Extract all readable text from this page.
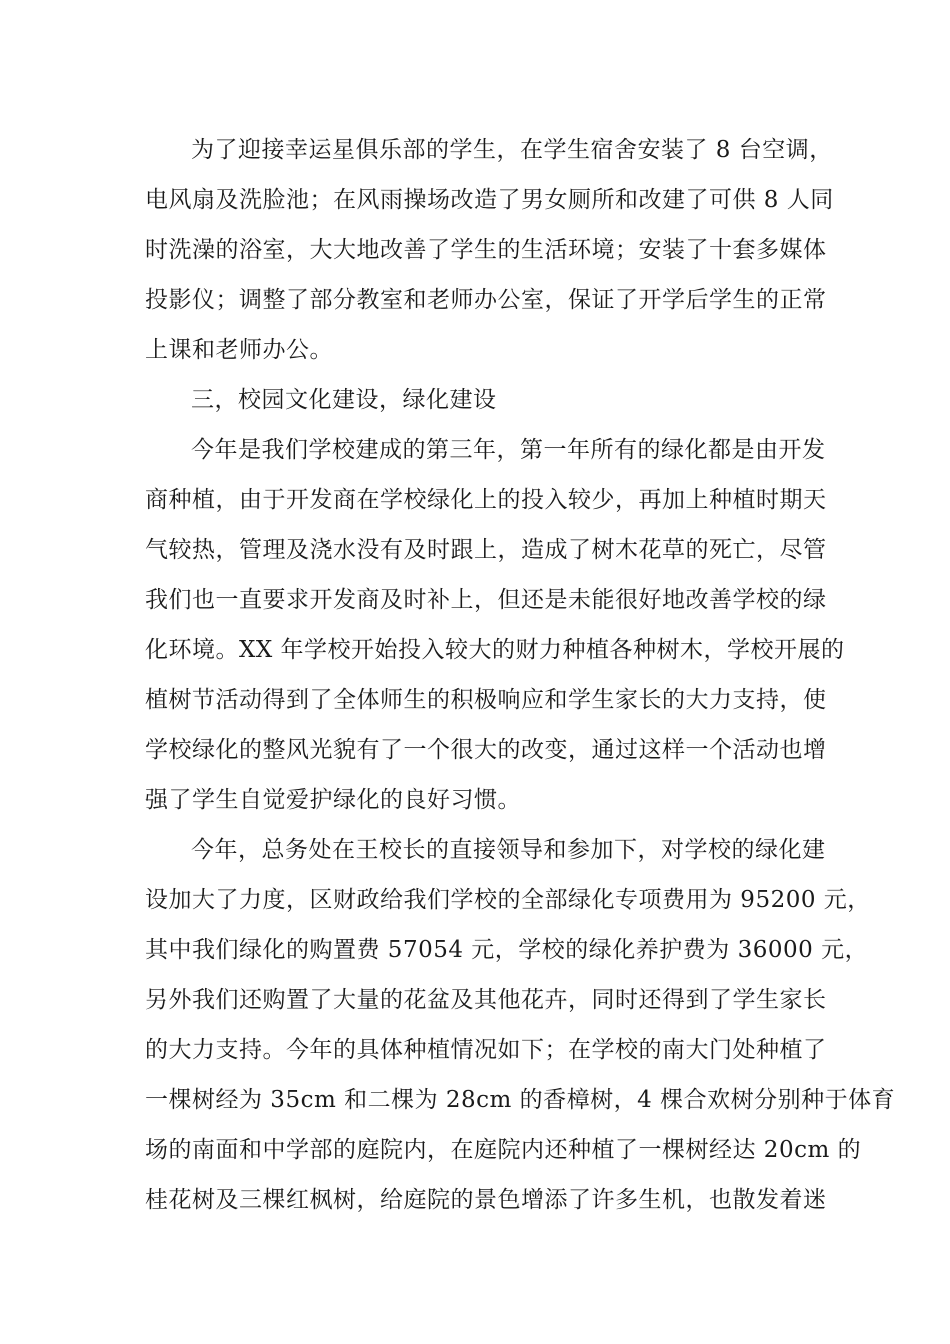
为了迎接幸运星俱乐部的学生，在学生宿舍安装了 8 台空调，
电风扇及洗脸池；在风雨操场改造了男女厕所和改建了可供 8 人同
时洗澡的浴室，大大地改善了学生的生活环境；安装了十套多媒体
投影仪；调整了部分教室和老师办公室，保证了开学后学生的正常
上课和老师办公。
三，校园文化建设，绿化建设
今年是我们学校建成的第三年，第一年所有的绿化都是由开发
商种植，由于开发商在学校绿化上的投入较少，再加上种植时期天
气较热，管理及浇水没有及时跟上，造成了树木花草的死亡，尽管
我们也一直要求开发商及时补上，但还是未能很好地改善学校的绿
化环境。XX 年学校开始投入较大的财力种植各种树木，学校开展的
植树节活动得到了全体师生的积极响应和学生家长的大力支持，使
学校绿化的整风光貌有了一个很大的改变，通过这样一个活动也增
强了学生自觉爱护绿化的良好习惯。
今年，总务处在王校长的直接领导和参加下，对学校的绿化建
设加大了力度，区财政给我们学校的全部绿化专项费用为 95200 元，
其中我们绿化的购置费 57054 元，学校的绿化养护费为 36000 元，
另外我们还购置了大量的花盆及其他花卉，同时还得到了学生家长
的大力支持。今年的具体种植情况如下；在学校的南大门处种植了
一棵树经为 35cm 和二棵为 28cm 的香樟树，4 棵合欢树分别种于体育
场的南面和中学部的庭院内，在庭院内还种植了一棵树经达 20cm 的
桂花树及三棵红枫树，给庭院的景色增添了许多生机，也散发着迷
